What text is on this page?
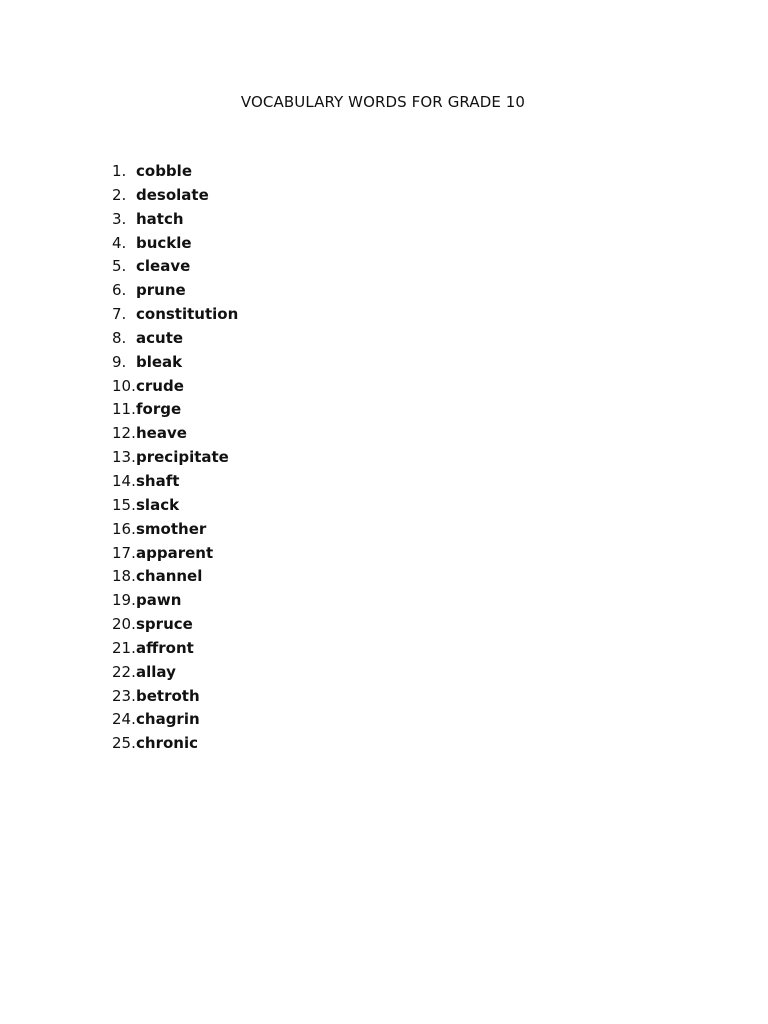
VOCABULARY WORDS FOR GRADE 10
1. cobble
2. desolate
3. hatch
4. buckle
5. cleave
6. prune
7. constitution
8. acute
9. bleak
10.crude
11.forge
12.heave
13.precipitate
14.shaft
15.slack
16.smother
17.apparent
18.channel
19.pawn
20.spruce
21.affront
22.allay
23.betroth
24.chagrin
25.chronic
